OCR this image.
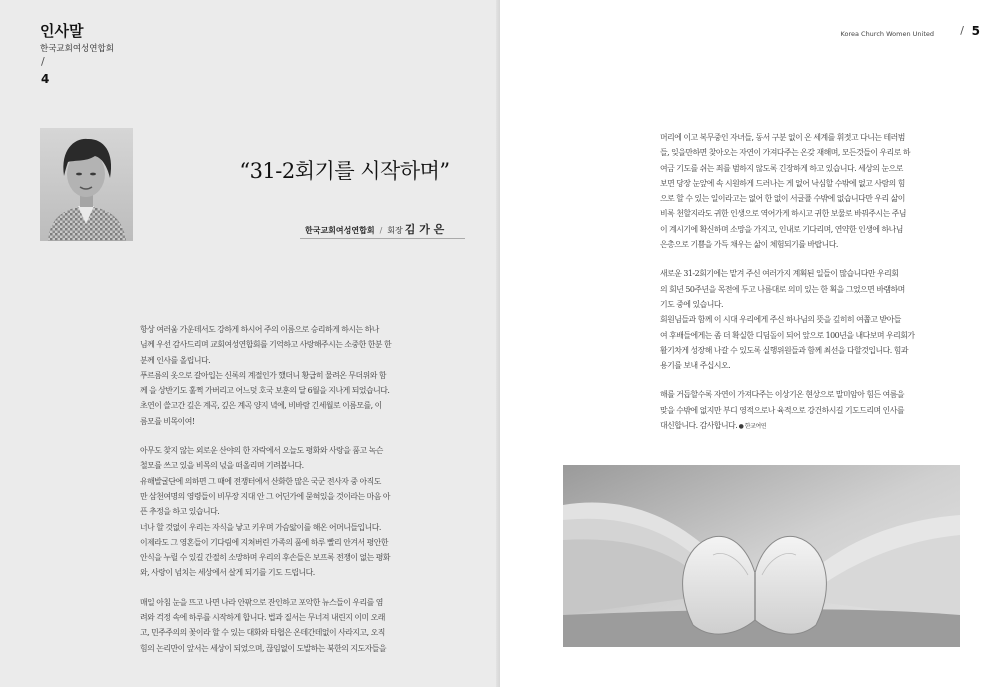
인사말
한국교회여성연합회
/
4
“31-2회기를 시작하며”
한국교회여성연합회 / 회장 김 가 은

항상 여러움 가운데서도 강하게 하시어 주의 이름으로 승리하게 하시는 하나

님께 우선 감사드리며 교회여성연합회를 기억하고 사랑해주시는 소중한 한분 한

분께 인사를 올립니다.

푸르름의 옷으로 갈아입는 신록의 계절인가 했더니 황급히 물려온 무더위와 함

께 을 상반기도 훌쩍 가버리고 어느덧 호국 보훈의 달 6월을 지나게 되었습니다.

초연이 쓸고간 깊은 계곡, 깊은 계곡 양지 녘에, 비바람 긴세월로 이름모를, 이

름모를 비목이여!

아무도 찾지 않는 외로운 산야의 한 자락에서 오늘도 평화와 사랑을 품고 녹슨

철모를 쓰고 있을 비목의 넋을 떠올리며 기려봅니다.

유해발굴단에 의하면 그 때에 전쟁터에서 산화한 많은 국군 전사자 중 아직도

만 삼천여명의 영령들이 비무장 지대 안 그 어딘가에 묻혀있을 것이라는 마음 아

픈 추정을 하고 있습니다.

너나 할 것없이 우리는 자식을 낳고 키우며 가슴앓이를 해온 어머니들입니다.

이제라도 그 영혼들이 기다림에 지쳐버린 가족의 품에 하루 빨리 안겨서 평안한

안식을 누릴 수 있길 간절히 소망하며 우리의 후손들은 보프록 전쟁이 없는 평화

와, 사랑이 넘치는 세상에서 살게 되기를 기도 드립니다.

매일 아침 눈을 뜨고 나면 나라 안팎으로 잔인하고 포악한 뉴스들이 우리를 염

려와 걱정 속에 하루를 시작하게 합니다. 법과 질서는 무너져 내린지 이미 오래

고, 민주주의의 꽃이라 할 수 있는 대화와 타협은 온데간데없이 사라지고, 오직

힘의 논리만이 앞서는 세상이 되었으며, 끊임없이 도발하는 북한의 지도자들을

Korea Church Women United / 5

머리에 이고 복무중인 자녀들, 동서 구분 없이 온 세계를 휘젓고 다니는 테러범

들, 잊을만하면 찾아오는 자연이 가져다주는 온갖 재해며, 모든것들이 우리로 하

여금 기도를 쉬는 죄를 범하지 않도록 긴장하게 하고 있습니다. 세상의 눈으로

보면 당장 눈앞에 속 시원하게 드러나는 게 없어 낙심할 수밖에 없고 사람의 힘

으로 할 수 있는 일이라고는 없어 한 없이 서글플 수밖에 없습니다만 우리 삶이

비록 천할지라도 귀한 인생으로 역어가게 하시고 귀한 보물로 바꿔주시는 주님

이 계시기에 확신하며 소망을 가지고, 인내로 기다리며, 연약한 인생에 하나님

은총으로 기쁨을 가득 채우는 삶이 체험되기를 바랍니다.

새로운 31-2회기에는 맡겨 주신 여러가지 계획된 일들이 많습니다만 우리회

의 회년 50주년을 목전에 두고 나름대로 의미 있는 한 획을 그었으면 바램하며

기도 중에 있습니다.

회원님들과 함께 이 시대 우리에게 주신 하나님의 뜻을 깊히히 여쭙고 받아들

여 후배들에게는 좀 더 확실한 디딤돌이 되어 앞으로 100년을 내다보며 우리회가

활기차게 성장해 나갈 수 있도록 실행위원들과 함께 최선을 다할것입니다. 힘과

용기를 보내 주십시오.

해를 거듭할수록 자연이 가져다주는 이상기온 현상으로 말미암아 힘든 여름을

맞을 수밖에 없지만 부디 영적으로나 육적으로 강건하시길 기도드리며 인사를

대신합니다. 감사합니다. ● 한교여연
